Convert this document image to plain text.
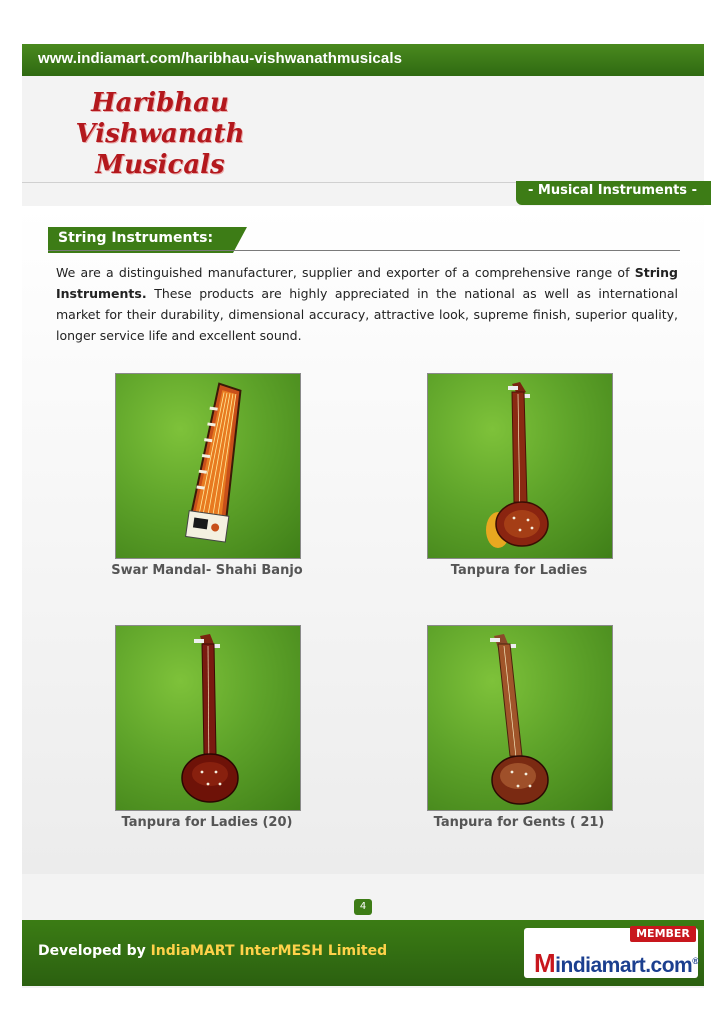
www.indiamart.com/haribhau-vishwanathmusicals
Haribhau
Vishwanath
Musicals
- Musical Instruments -
String Instruments:

We are a distinguished manufacturer, supplier and exporter of a comprehensive range of String Instruments. These products are highly appreciated in the national as well as international market for their durability, dimensional accuracy, attractive look, supreme finish, superior quality, longer service life and excellent sound.

Swar Mandal- Shahi Banjo	Tanpura for Ladies
Tanpura for Ladies (20)	Tanpura for Gents ( 21)
4
Developed by IndiaMART InterMESH Limited
MEMBER
Mindiamart.com®
